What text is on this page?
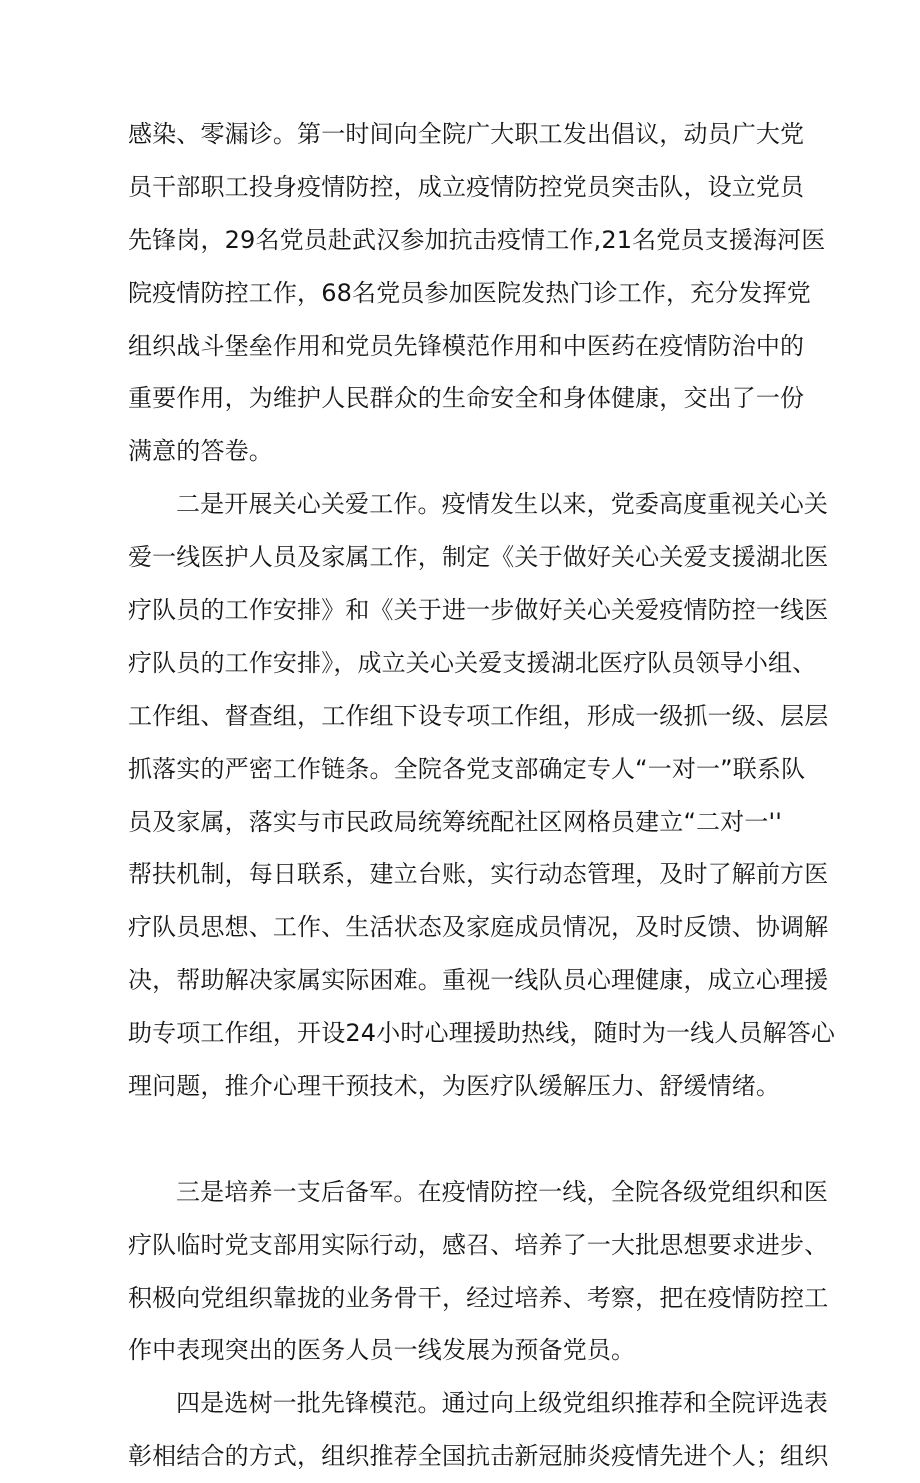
感染、零漏诊。第一时间向全院广大职工发出倡议，动员广大党
员干部职工投身疫情防控，成立疫情防控党员突击队，设立党员
先锋岗，29名党员赴武汉参加抗击疫情工作,21名党员支援海河医
院疫情防控工作，68名党员参加医院发热门诊工作，充分发挥党
组织战斗堡垒作用和党员先锋模范作用和中医药在疫情防治中的
重要作用，为维护人民群众的生命安全和身体健康，交出了一份
满意的答卷。
二是开展关心关爱工作。疫情发生以来，党委高度重视关心关
爱一线医护人员及家属工作，制定《关于做好关心关爱支援湖北医
疗队员的工作安排》和《关于进一步做好关心关爱疫情防控一线医
疗队员的工作安排》，成立关心关爱支援湖北医疗队员领导小组、
工作组、督查组，工作组下设专项工作组，形成一级抓一级、层层
抓落实的严密工作链条。全院各党支部确定专人“一对一”联系队
员及家属，落实与市民政局统筹统配社区网格员建立“二对一''
帮扶机制，每日联系，建立台账，实行动态管理，及时了解前方医
疗队员思想、工作、生活状态及家庭成员情况，及时反馈、协调解
决，帮助解决家属实际困难。重视一线队员心理健康，成立心理援
助专项工作组，开设24小时心理援助热线，随时为一线人员解答心
理问题，推介心理干预技术，为医疗队缓解压力、舒缓情绪。
三是培养一支后备军。在疫情防控一线，全院各级党组织和医
疗队临时党支部用实际行动，感召、培养了一大批思想要求进步、
积极向党组织靠拢的业务骨干，经过培养、考察，把在疫情防控工
作中表现突出的医务人员一线发展为预备党员。
四是选树一批先锋模范。通过向上级党组织推荐和全院评选表
彰相结合的方式，组织推荐全国抗击新冠肺炎疫情先进个人；组织
